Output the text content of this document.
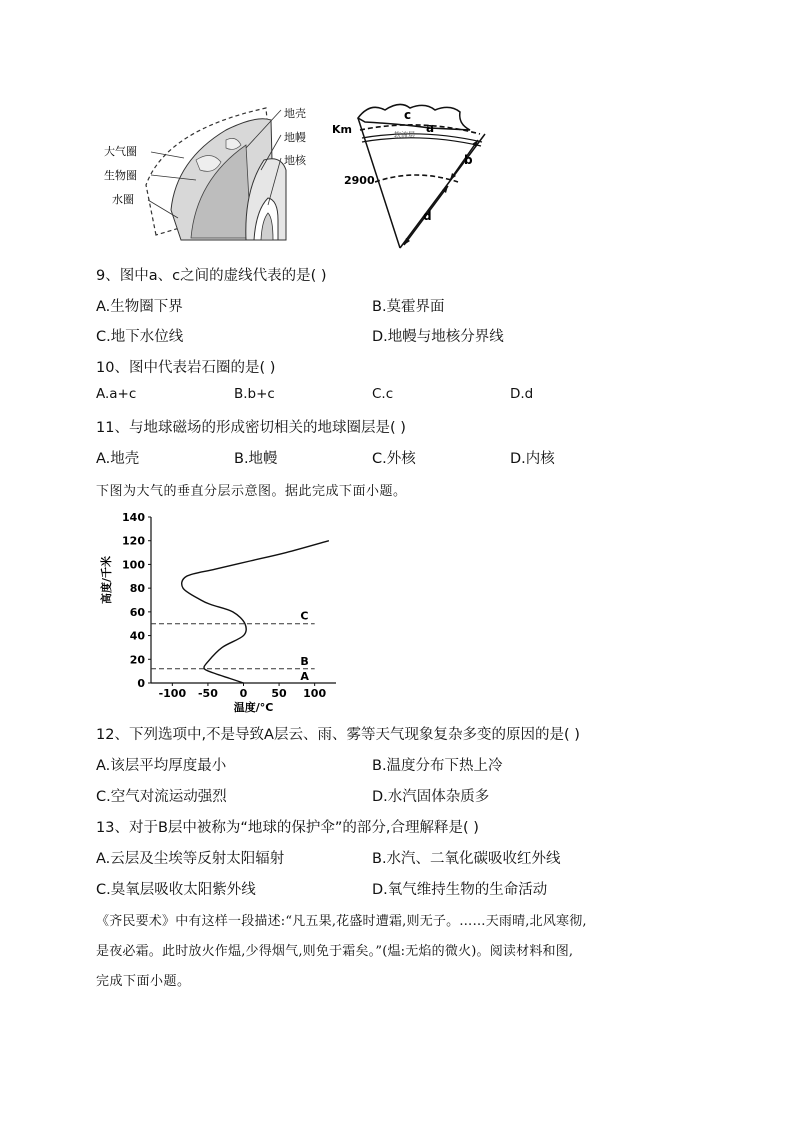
大气圈
生物圈
水圈
地壳
地幔
地核
Km
c
a
软流层
b
2900
d
9、图中a、c之间的虚线代表的是( )
A.生物圈下界	B.莫霍界面
C.地下水位线	D.地幔与地核分界线
10、图中代表岩石圈的是( )
A.a+c	B.b+c	C.c	D.d
11、与地球磁场的形成密切相关的地球圈层是( )
A.地壳	B.地幔	C.外核	D.内核
下图为大气的垂直分层示意图。据此完成下面小题。
0
20
40
60
80
100
120
140
-100 -50 0 50 100
温度/°C
高度/千米
A
B
C
12、下列选项中,不是导致A层云、雨、雾等天气现象复杂多变的原因的是( )
A.该层平均厚度最小	B.温度分布下热上冷
C.空气对流运动强烈	D.水汽固体杂质多
13、对于B层中被称为“地球的保护伞”的部分,合理解释是( )
A.云层及尘埃等反射太阳辐射	B.水汽、二氧化碳吸收红外线
C.臭氧层吸收太阳紫外线	D.氧气维持生物的生命活动
《齐民要术》中有这样一段描述:“凡五果,花盛时遭霜,则无子。……天雨晴,北风寒彻,
是夜必霜。此时放火作煴,少得烟气,则免于霜矣。”(煴:无焰的微火)。阅读材料和图,
完成下面小题。
